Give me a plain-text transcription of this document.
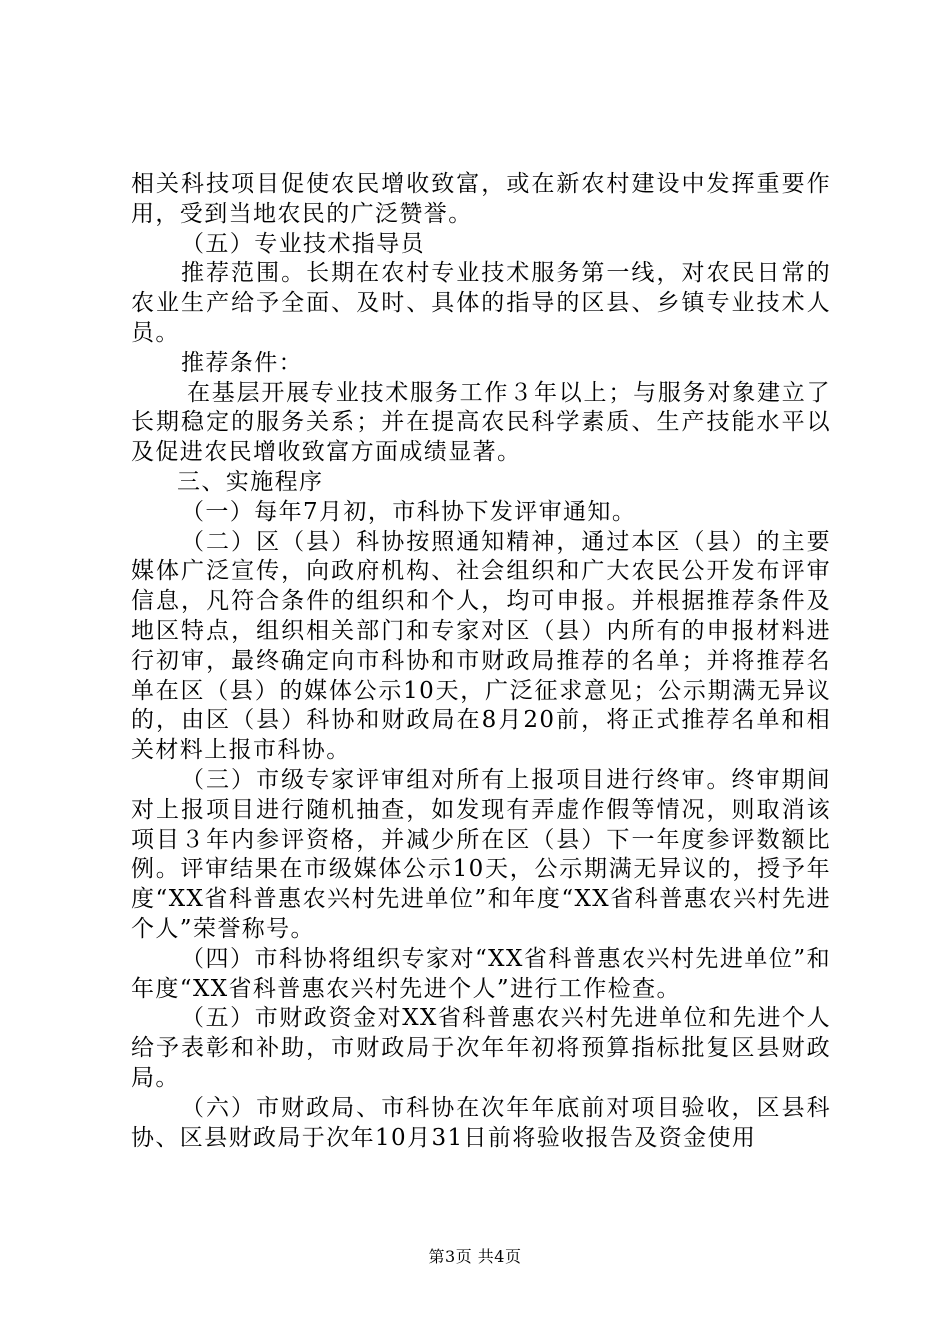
相关科技项目促使农民增收致富，或在新农村建设中发挥重要作用，受到当地农民的广泛赞誉。

（五）专业技术指导员

推荐范围。长期在农村专业技术服务第一线，对农民日常的农业生产给予全面、及时、具体的指导的区县、乡镇专业技术人员。

推荐条件：

在基层开展专业技术服务工作３年以上；与服务对象建立了长期稳定的服务关系；并在提高农民科学素质、生产技能水平以及促进农民增收致富方面成绩显著。

三、实施程序

（一）每年7月初，市科协下发评审通知。

（二）区（县）科协按照通知精神，通过本区（县）的主要媒体广泛宣传，向政府机构、社会组织和广大农民公开发布评审信息，凡符合条件的组织和个人，均可申报。并根据推荐条件及地区特点，组织相关部门和专家对区（县）内所有的申报材料进行初审，最终确定向市科协和市财政局推荐的名单；并将推荐名单在区（县）的媒体公示10天，广泛征求意见；公示期满无异议的，由区（县）科协和财政局在8月20前，将正式推荐名单和相关材料上报市科协。

（三）市级专家评审组对所有上报项目进行终审。终审期间对上报项目进行随机抽查，如发现有弄虚作假等情况，则取消该项目３年内参评资格，并减少所在区（县）下一年度参评数额比例。评审结果在市级媒体公示10天，公示期满无异议的，授予年度“XX省科普惠农兴村先进单位”和年度“XX省科普惠农兴村先进个人”荣誉称号。

（四）市科协将组织专家对“XX省科普惠农兴村先进单位”和年度“XX省科普惠农兴村先进个人”进行工作检查。

（五）市财政资金对XX省科普惠农兴村先进单位和先进个人给予表彰和补助，市财政局于次年年初将预算指标批复区县财政局。

（六）市财政局、市科协在次年年底前对项目验收，区县科协、区县财政局于次年10月31日前将验收报告及资金使用

第3页 共4页
